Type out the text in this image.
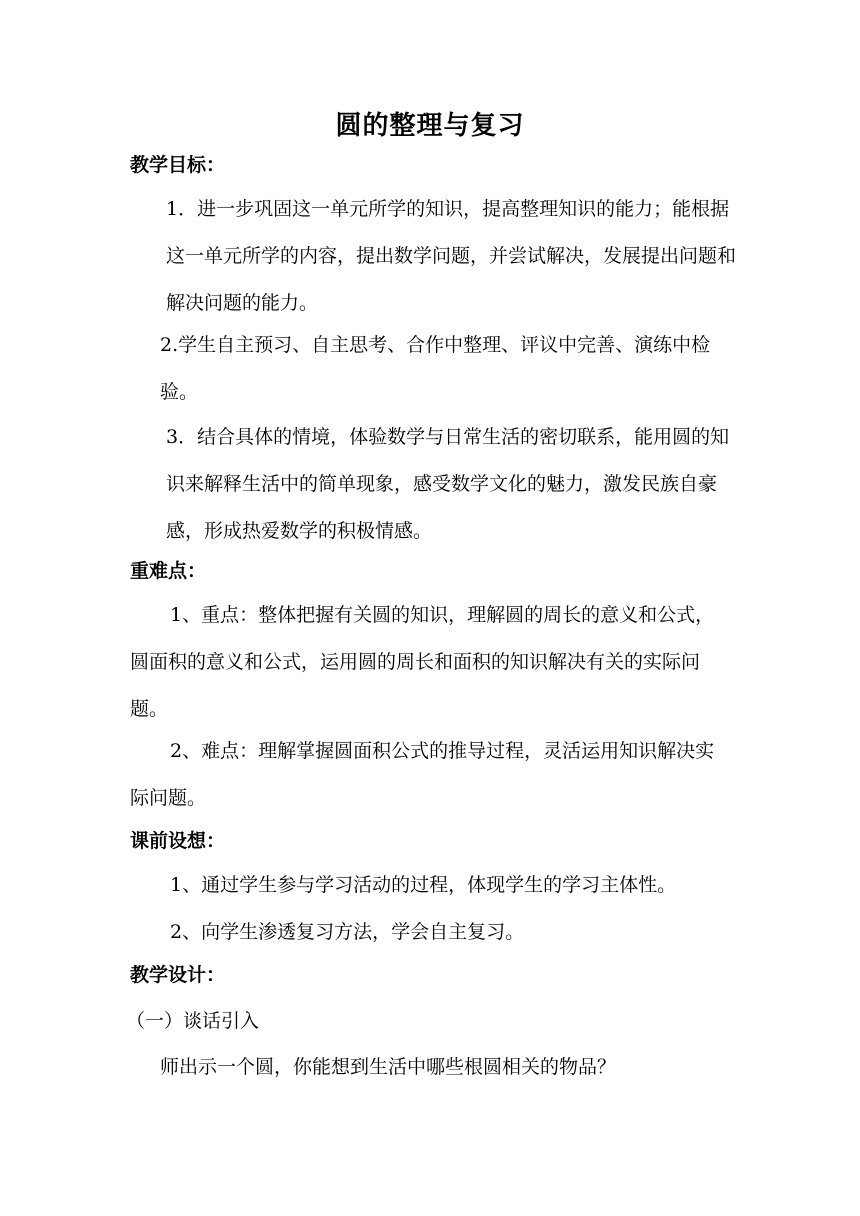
圆的整理与复习
教学目标：

1．进一步巩固这一单元所学的知识，提高整理知识的能力；能根据这一单元所学的内容，提出数学问题，并尝试解决，发展提出问题和解决问题的能力。

2.学生自主预习、自主思考、合作中整理、评议中完善、演练中检验。

3．结合具体的情境，体验数学与日常生活的密切联系，能用圆的知识来解释生活中的简单现象，感受数学文化的魅力，激发民族自豪感，形成热爱数学的积极情感。

重难点：

1、重点：整体把握有关圆的知识，理解圆的周长的意义和公式，圆面积的意义和公式，运用圆的周长和面积的知识解决有关的实际问题。

2、难点：理解掌握圆面积公式的推导过程，灵活运用知识解决实际问题。

课前设想：

1、通过学生参与学习活动的过程，体现学生的学习主体性。

2、向学生渗透复习方法，学会自主复习。

教学设计：

（一）谈话引入

师出示一个圆，你能想到生活中哪些根圆相关的物品？
